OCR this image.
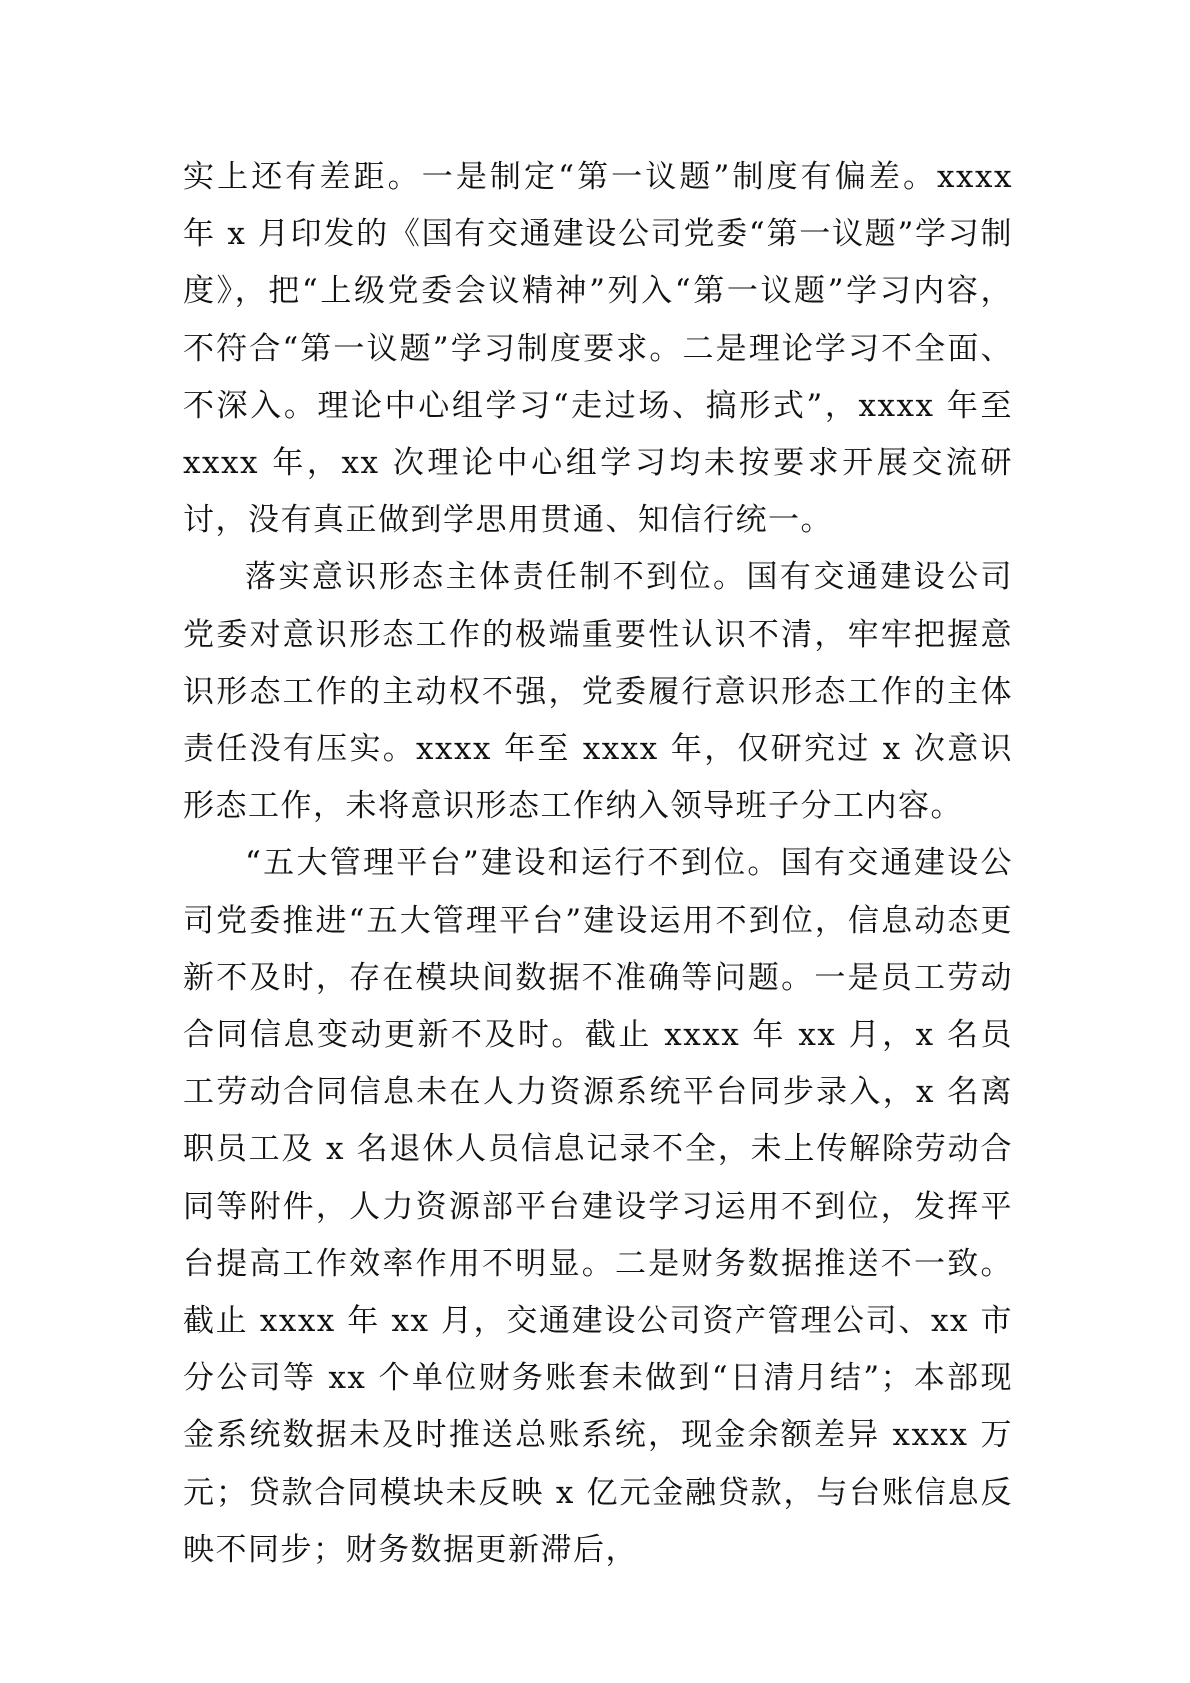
实上还有差距。一是制定“第一议题”制度有偏差。xxxx 年 x 月印发的《国有交通建设公司党委“第一议题”学习制度》，把“上级党委会议精神”列入“第一议题”学习内容，不符合“第一议题”学习制度要求。二是理论学习不全面、不深入。理论中心组学习“走过场、搞形式”，xxxx 年至 xxxx 年，xx 次理论中心组学习均未按要求开展交流研讨，没有真正做到学思用贯通、知信行统一。

落实意识形态主体责任制不到位。国有交通建设公司党委对意识形态工作的极端重要性认识不清，牢牢把握意识形态工作的主动权不强，党委履行意识形态工作的主体责任没有压实。xxxx 年至 xxxx 年，仅研究过 x 次意识形态工作，未将意识形态工作纳入领导班子分工内容。

“五大管理平台”建设和运行不到位。国有交通建设公司党委推进“五大管理平台”建设运用不到位，信息动态更新不及时，存在模块间数据不准确等问题。一是员工劳动合同信息变动更新不及时。截止 xxxx 年 xx 月，x 名员工劳动合同信息未在人力资源系统平台同步录入，x 名离职员工及 x 名退休人员信息记录不全，未上传解除劳动合同等附件，人力资源部平台建设学习运用不到位，发挥平台提高工作效率作用不明显。二是财务数据推送不一致。截止 xxxx 年 xx 月，交通建设公司资产管理公司、xx 市分公司等 xx 个单位财务账套未做到“日清月结”；本部现金系统数据未及时推送总账系统，现金余额差异 xxxx 万元；贷款合同模块未反映 x 亿元金融贷款，与台账信息反映不同步；财务数据更新滞后，
